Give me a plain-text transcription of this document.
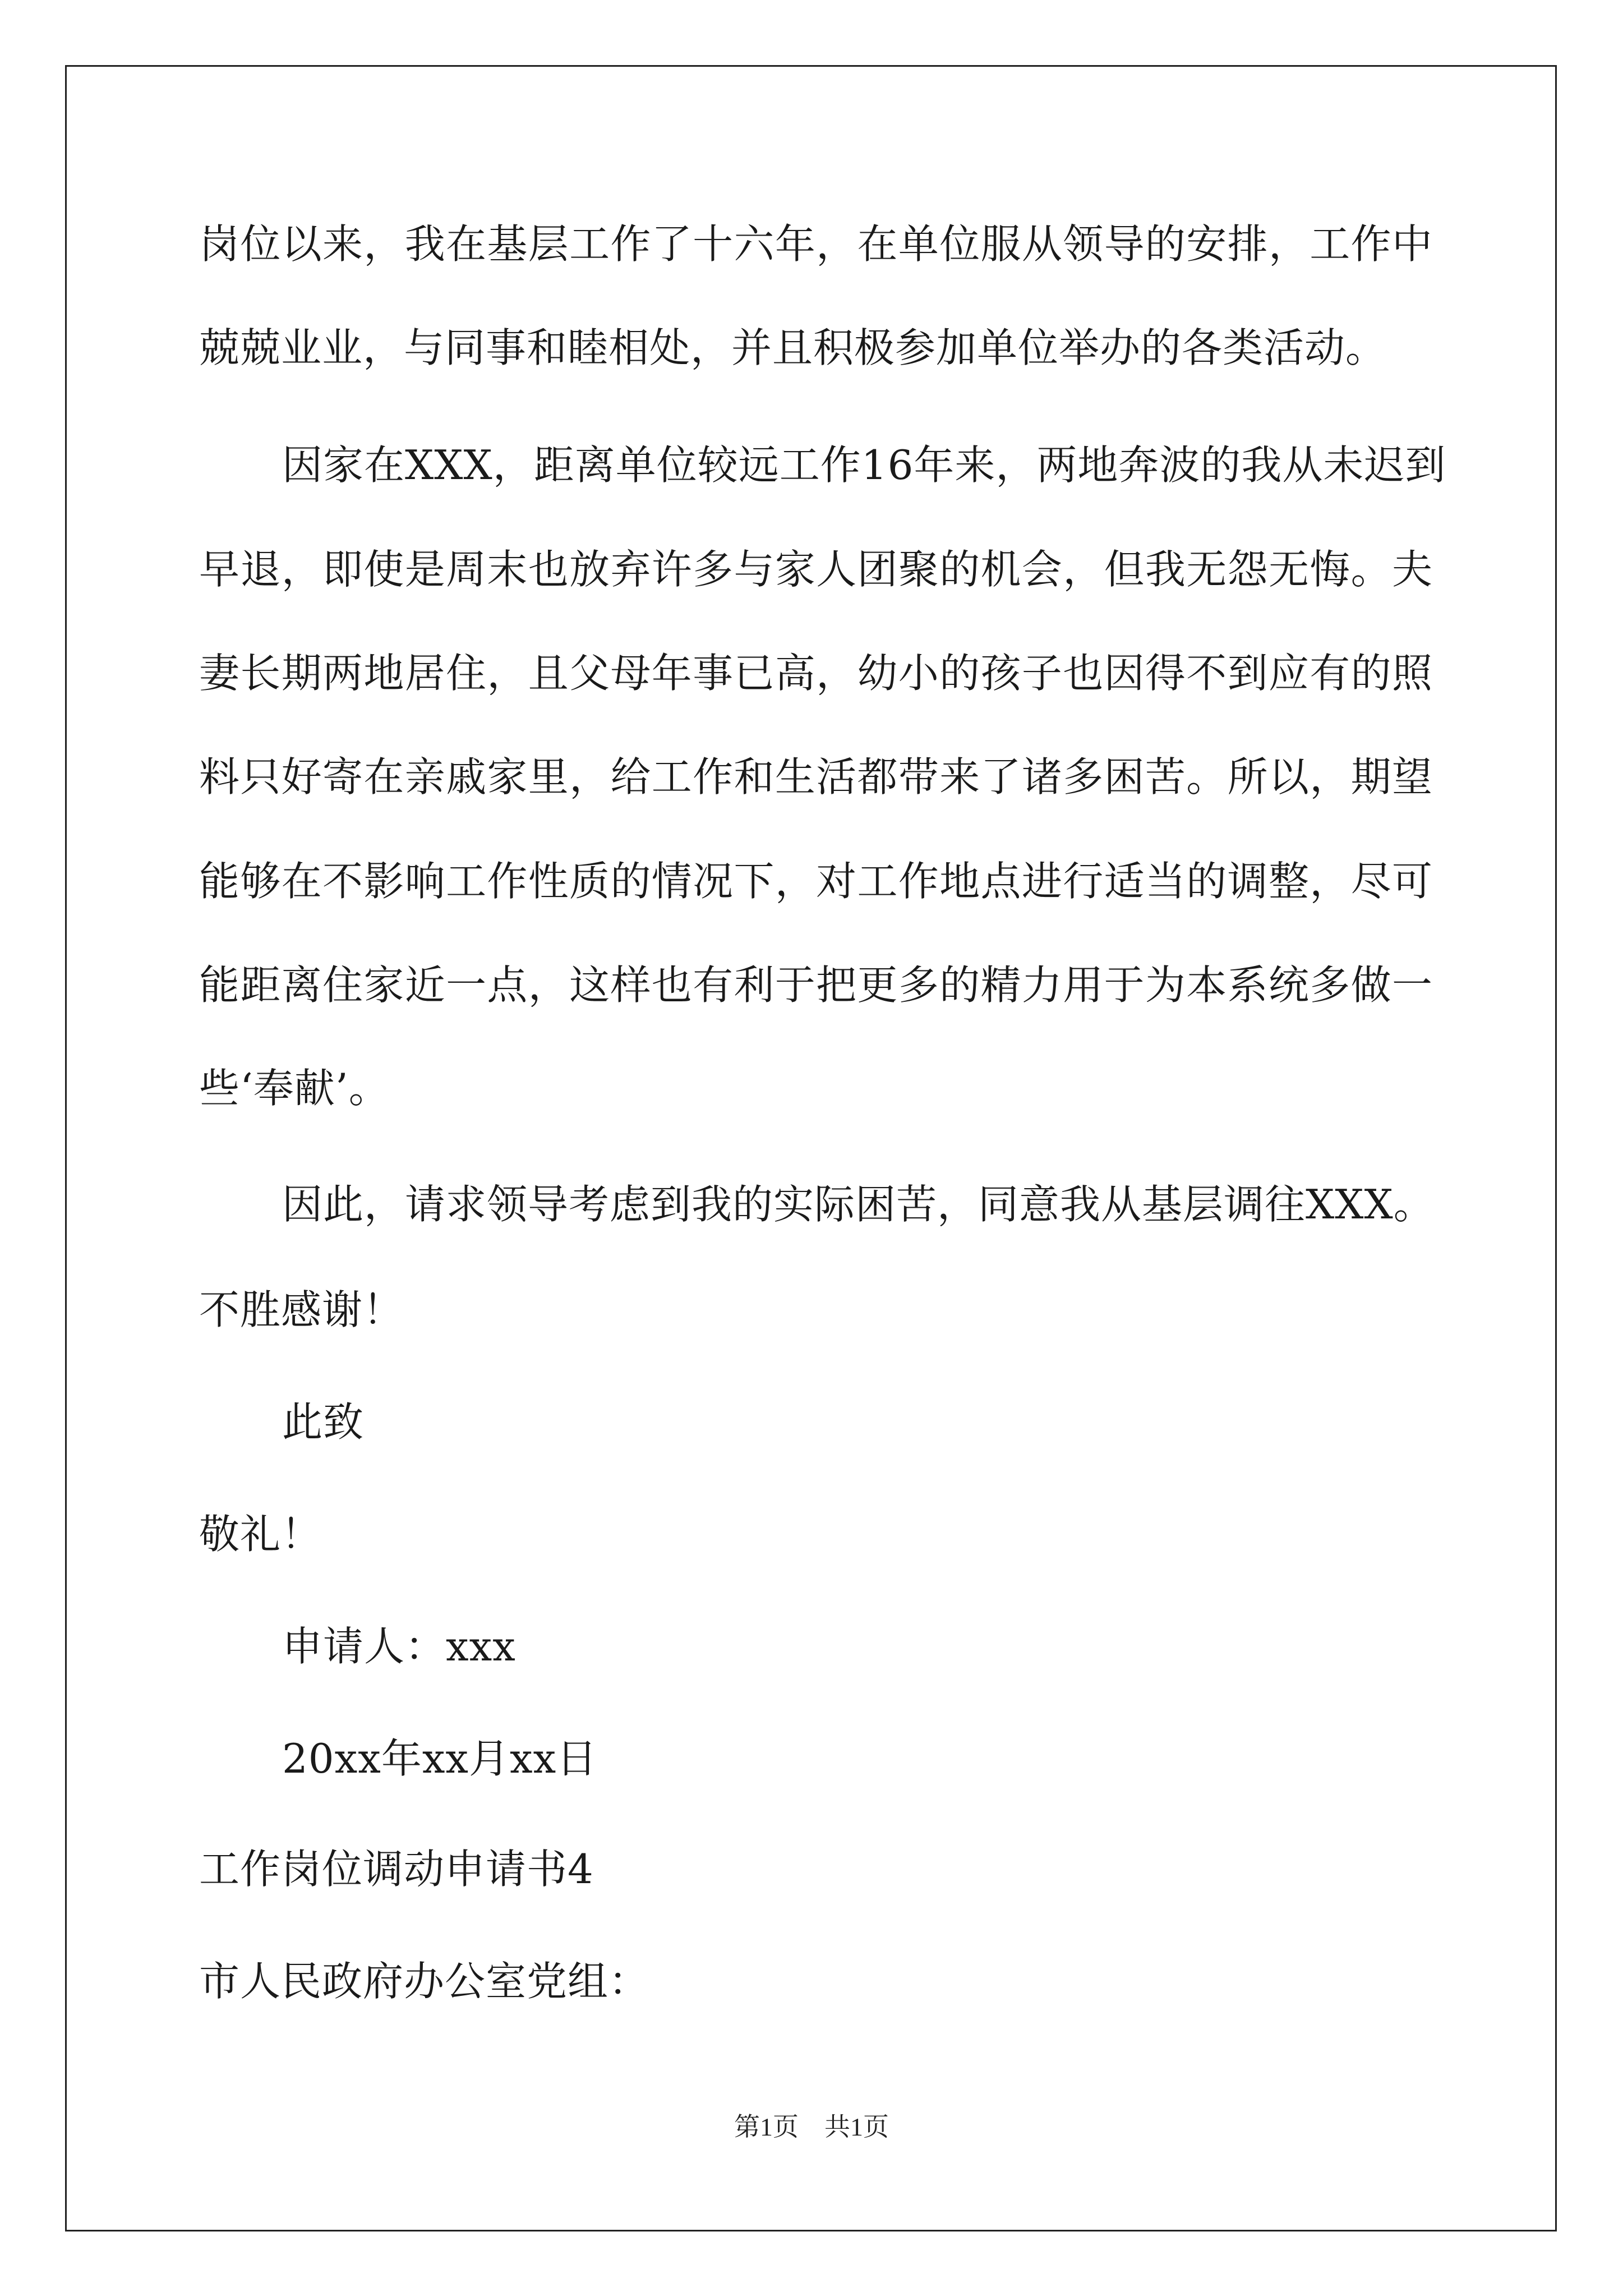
岗位以来，我在基层工作了十六年，在单位服从领导的安排，工作中
兢兢业业，与同事和睦相处，并且积极参加单位举办的各类活动。
因家在XXX，距离单位较远工作16年来，两地奔波的我从未迟到
早退，即使是周末也放弃许多与家人团聚的机会，但我无怨无悔。夫
妻长期两地居住，且父母年事已高，幼小的孩子也因得不到应有的照
料只好寄在亲戚家里，给工作和生活都带来了诸多困苦。所以，期望
能够在不影响工作性质的情况下，对工作地点进行适当的调整，尽可
能距离住家近一点，这样也有利于把更多的精力用于为本系统多做一
些‘奉献’。
因此，请求领导考虑到我的实际困苦，同意我从基层调往XXX。
不胜感谢！
此致
敬礼！
申请人：xxx
20xx年xx月xx日
工作岗位调动申请书4
市人民政府办公室党组：
第1页 共1页
